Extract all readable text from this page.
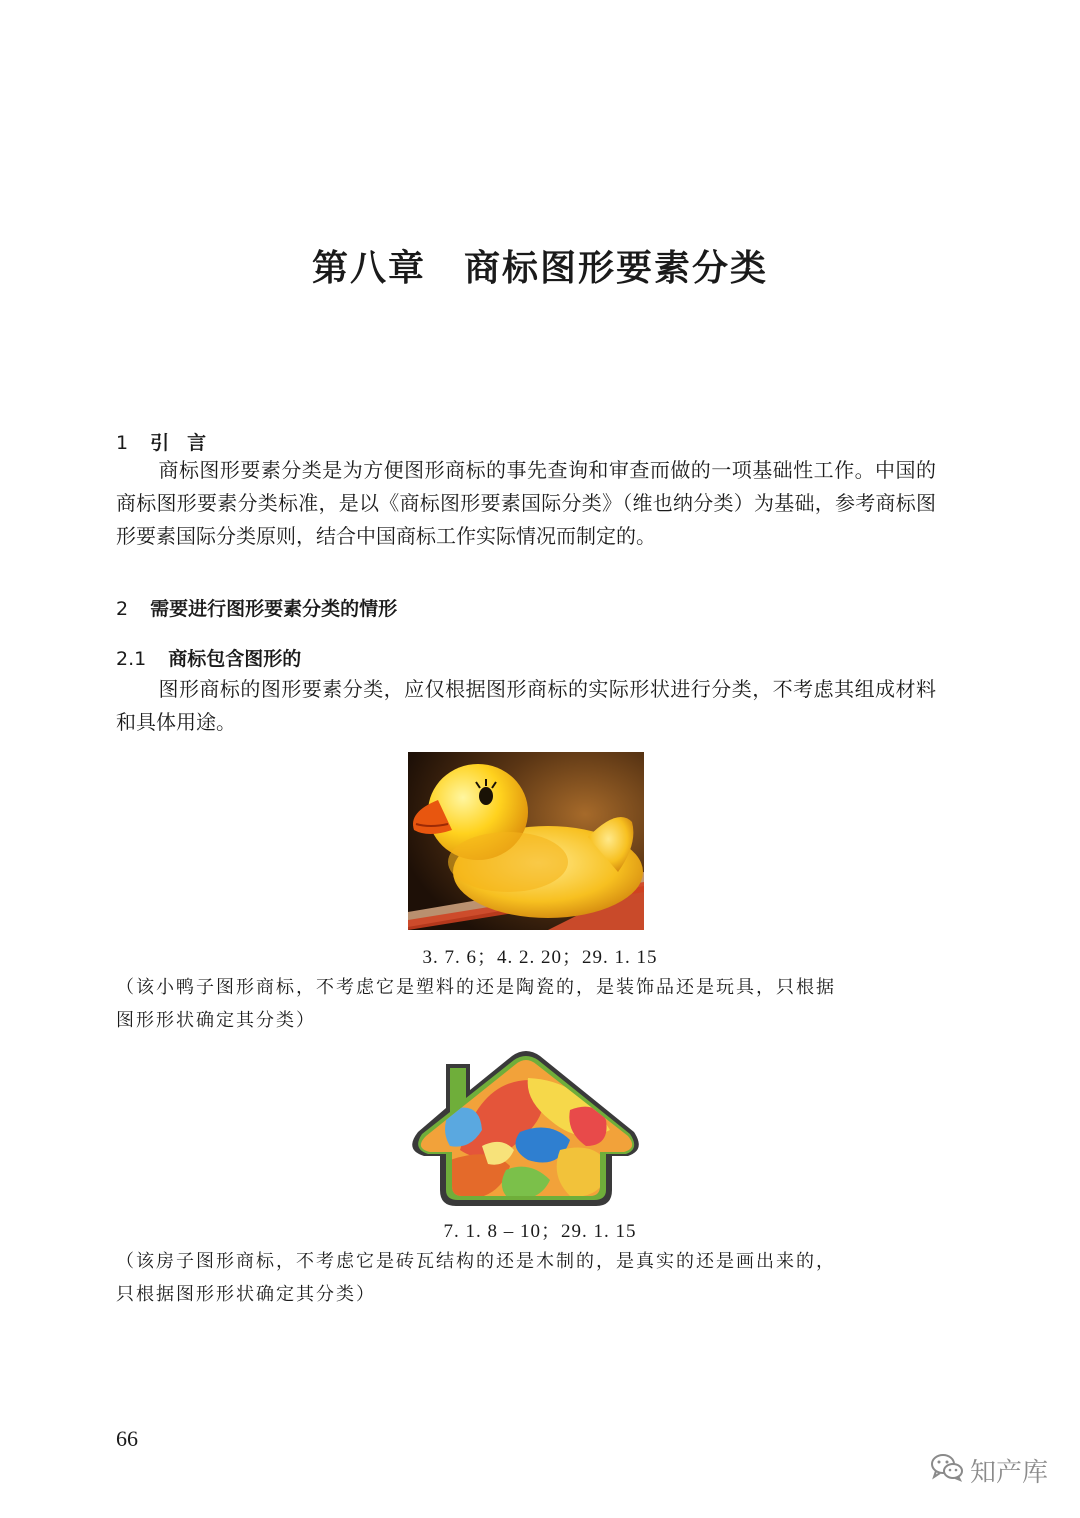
第八章　商标图形要素分类
1 引言
商标图形要素分类是为方便图形商标的事先查询和审查而做的一项基础性工作。中国的商标图形要素分类标准，是以《商标图形要素国际分类》（维也纳分类）为基础，参考商标图形要素国际分类原则，结合中国商标工作实际情况而制定的。
2 需要进行图形要素分类的情形
2.1 商标包含图形的
图形商标的图形要素分类，应仅根据图形商标的实际形状进行分类，不考虑其组成材料和具体用途。
3. 7. 6；4. 2. 20；29. 1. 15
（该小鸭子图形商标，不考虑它是塑料的还是陶瓷的，是装饰品还是玩具，只根据
图形形状确定其分类）
7. 1. 8 – 10；29. 1. 15
（该房子图形商标，不考虑它是砖瓦结构的还是木制的，是真实的还是画出来的，
只根据图形形状确定其分类）
66
知产库
